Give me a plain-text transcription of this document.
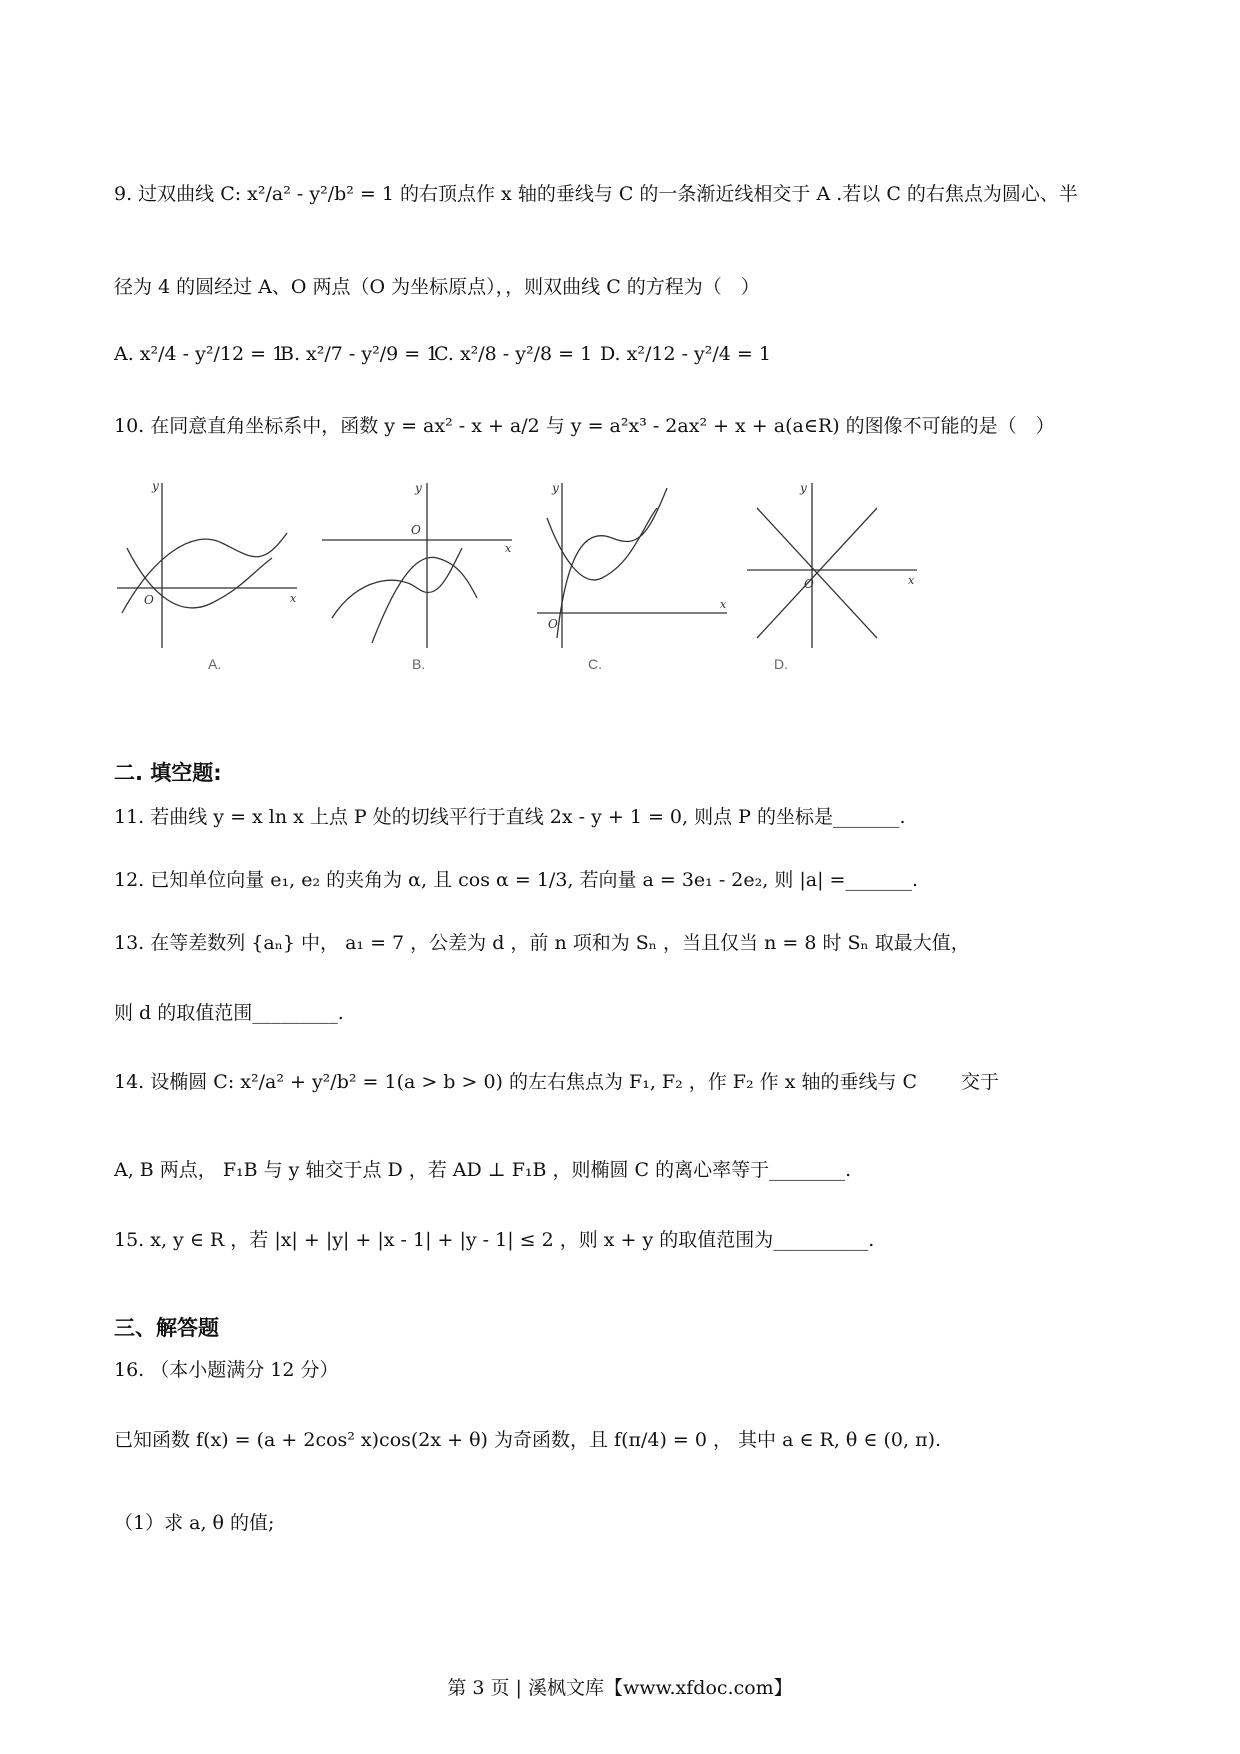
9. 过双曲线 C: x²/a² - y²/b² = 1 的右顶点作 x 轴的垂线与 C 的一条渐近线相交于 A .若以 C 的右焦点为圆心、半
径为 4 的圆经过 A、O 两点（O 为坐标原点），，则双曲线 C 的方程为（　）
A. x²/4 - y²/12 = 1
B. x²/7 - y²/9 = 1
C. x²/8 - y²/8 = 1 D. x²/12 - y²/4 = 1
10. 在同意直角坐标系中，函数 y = ax² - x + a/2 与 y = a²x³ - 2ax² + x + a(a∈R) 的图像不可能的是（　）
y
x
O
y
x
O
y
x
O
y
x
O
A.	B.	C.	D.
二. 填空题:
11. 若曲线 y = x ln x 上点 P 处的切线平行于直线 2x - y + 1 = 0, 则点 P 的坐标是_______.
12. 已知单位向量 e₁, e₂ 的夹角为 α, 且 cos α = 1/3, 若向量 a = 3e₁ - 2e₂, 则 |a| =_______.
13. 在等差数列 {aₙ} 中， a₁ = 7 ，公差为 d ，前 n 项和为 Sₙ ，当且仅当 n = 8 时 Sₙ 取最大值，
则 d 的取值范围_________.
14. 设椭圆 C: x²/a² + y²/b² = 1(a > b > 0) 的左右焦点为 F₁, F₂ ，作 F₂ 作 x 轴的垂线与 C 　　交于
A, B 两点， F₁B 与 y 轴交于点 D ，若 AD ⊥ F₁B ，则椭圆 C 的离心率等于________.
15. x, y ∈ R ，若 |x| + |y| + |x - 1| + |y - 1| ≤ 2 ，则 x + y 的取值范围为__________.
三、解答题
16. （本小题满分 12 分）
已知函数 f(x) = (a + 2cos² x)cos(2x + θ) 为奇函数，且 f(π/4) = 0 ， 其中 a ∈ R, θ ∈ (0, π).
（1）求 a, θ 的值;
第 3 页 | 溪枫文库【www.xfdoc.com】
